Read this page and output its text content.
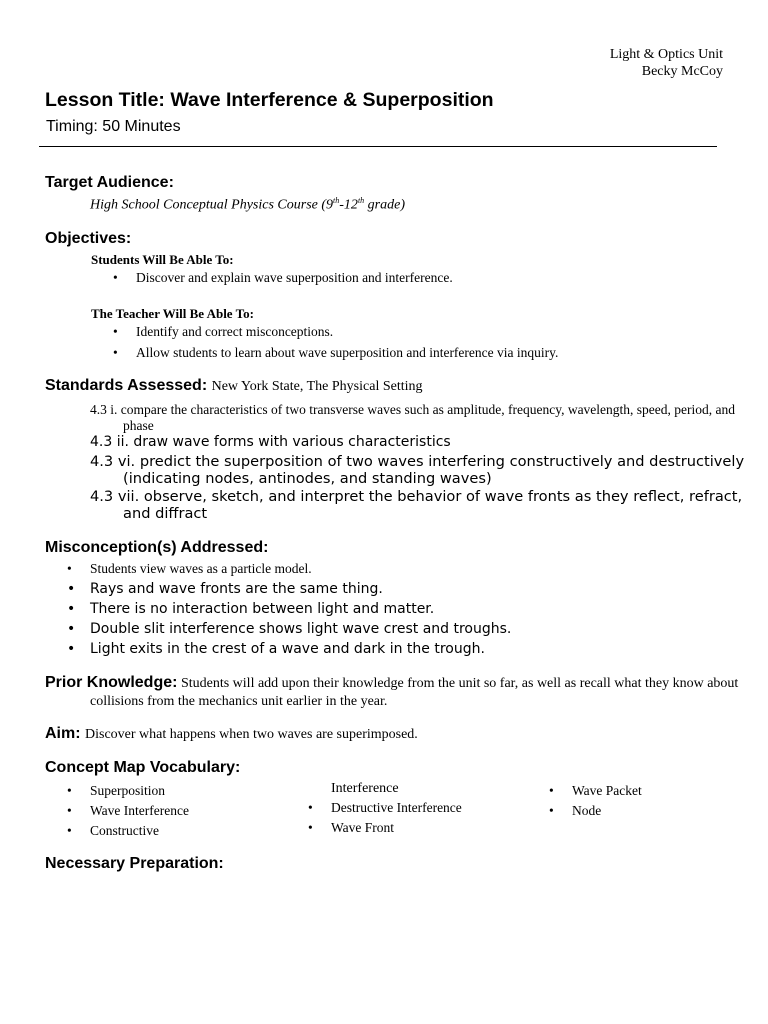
Light & Optics Unit
Becky McCoy
Lesson Title: Wave Interference & Superposition
Timing: 50 Minutes
Target Audience:
High School Conceptual Physics Course (9th-12th grade)
Objectives:
Students Will Be Able To:
• Discover and explain wave superposition and interference.
The Teacher Will Be Able To:
• Identify and correct misconceptions.
• Allow students to learn about wave superposition and interference via inquiry.
Standards Assessed: New York State, The Physical Setting
4.3 i. compare the characteristics of two transverse waves such as amplitude, frequency, wavelength, speed, period, and phase
4.3 ii. draw wave forms with various characteristics
4.3 vi. predict the superposition of two waves interfering constructively and destructively (indicating nodes, antinodes, and standing waves)
4.3 vii. observe, sketch, and interpret the behavior of wave fronts as they reflect, refract, and diffract
Misconception(s) Addressed:
• Students view waves as a particle model.
• Rays and wave fronts are the same thing.
• There is no interaction between light and matter.
• Double slit interference shows light wave crest and troughs.
• Light exits in the crest of a wave and dark in the trough.
Prior Knowledge: Students will add upon their knowledge from the unit so far, as well as recall what they know about collisions from the mechanics unit earlier in the year.
Aim: Discover what happens when two waves are superimposed.
Concept Map Vocabulary:
• Superposition
• Wave Interference
• Constructive
Interference
• Destructive Interference
• Wave Front
• Wave Packet
• Node
Necessary Preparation:
